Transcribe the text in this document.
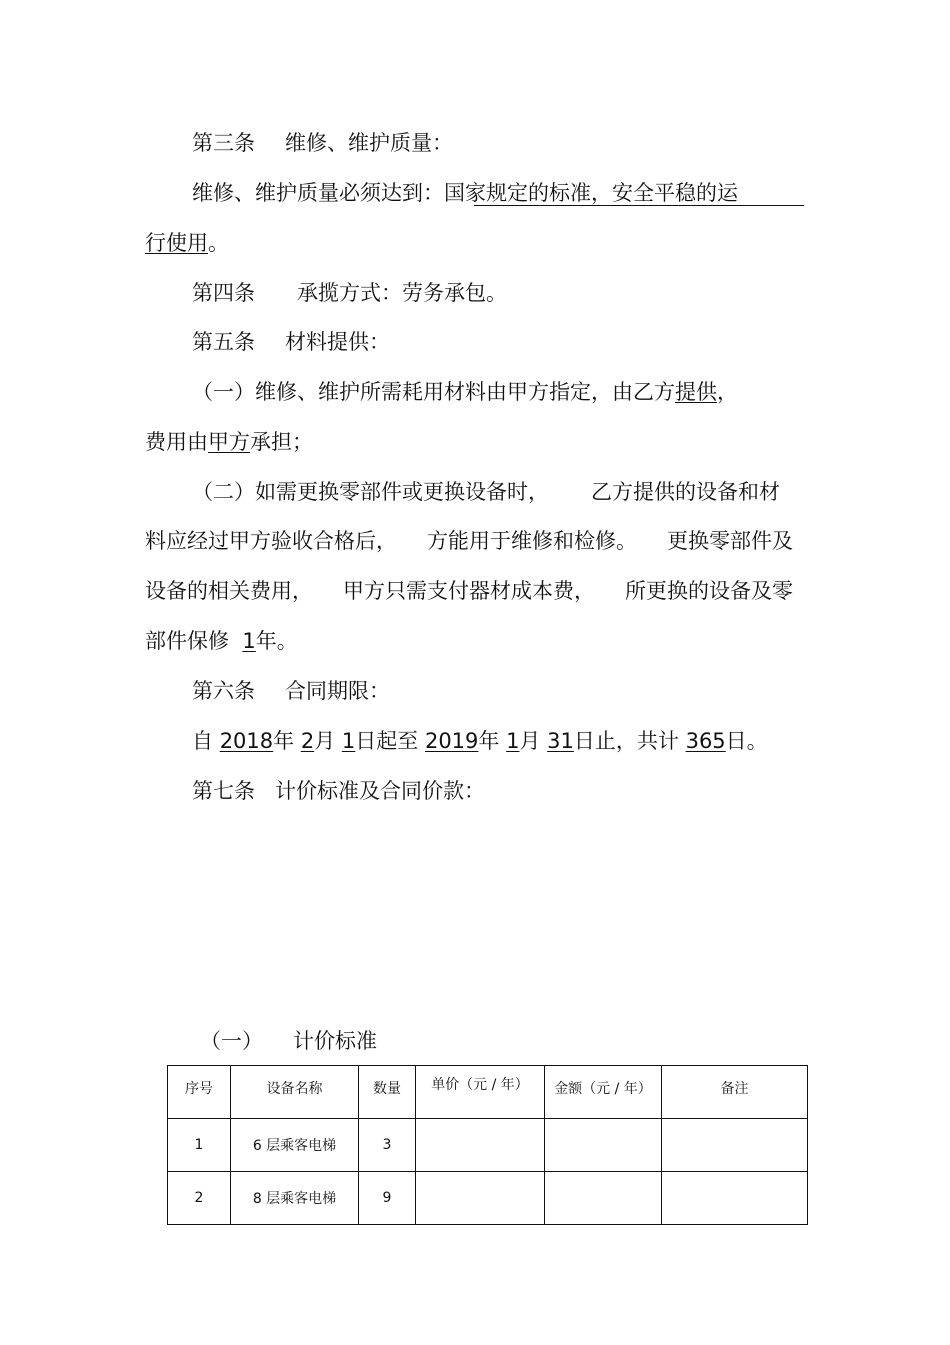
第三条 维修、维护质量：
维修、维护质量必须达到：国家规定的标准，安全平稳的运
行使用。
第四条 承揽方式：劳务承包。
第五条 材料提供：
（一）维修、维护所需耗用材料由甲方指定，由乙方提供，
费用由甲方承担；
（二）如需更换零部件或更换设备时， 乙方提供的设备和材
料应经过甲方验收合格后， 方能用于维修和检修。 更换零部件及
设备的相关费用， 甲方只需支付器材成本费， 所更换的设备及零
部件保修 1年。
第六条 合同期限：
自 2018年 2月 1日起至 2019年 1月 31日止，共计 365日。
第七条 计价标准及合同价款：
（一） 计价标准
序号	设备名称	数量	单价（元 / 年）	金额（元 / 年）	备注
1	6 层乘客电梯	3			
2	8 层乘客电梯	9			
